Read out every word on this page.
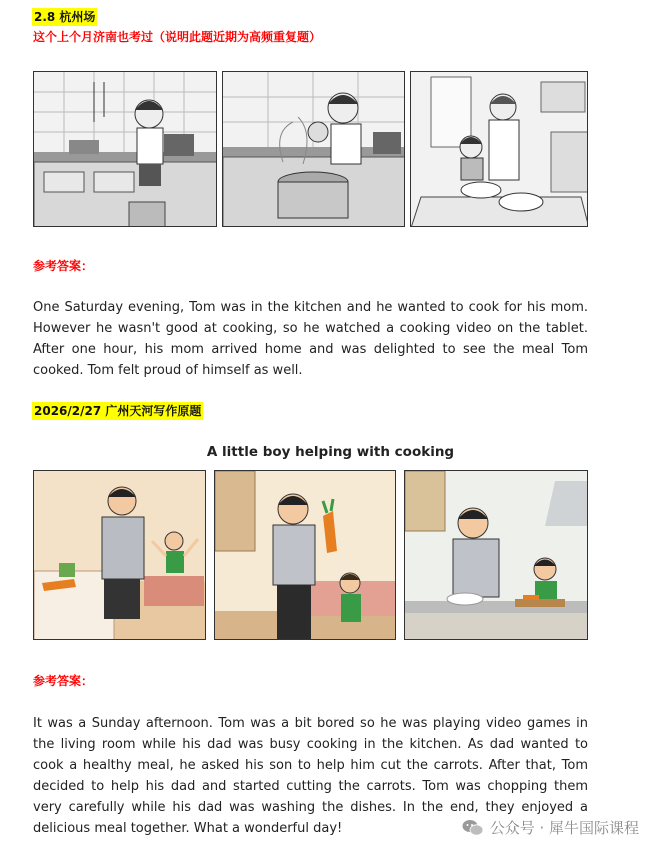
2.8 杭州场
这个上个月济南也考过（说明此题近期为高频重复题）
参考答案：
One Saturday evening, Tom was in the kitchen and he wanted to cook for his mom. However he wasn't good at cooking, so he watched a cooking video on the tablet. After one hour, his mom arrived home and was delighted to see the meal Tom cooked. Tom felt proud of himself as well.
2026/2/27 广州天河写作原题
A little boy helping with cooking
参考答案：
It was a Sunday afternoon. Tom was a bit bored so he was playing video games in the living room while his dad was busy cooking in the kitchen. As dad wanted to cook a healthy meal, he asked his son to help him cut the carrots. After that, Tom decided to help his dad and started cutting the carrots. Tom was chopping them very carefully while his dad was washing the dishes. In the end, they enjoyed a delicious meal together. What a wonderful day!	公众号 · 犀牛国际课程
